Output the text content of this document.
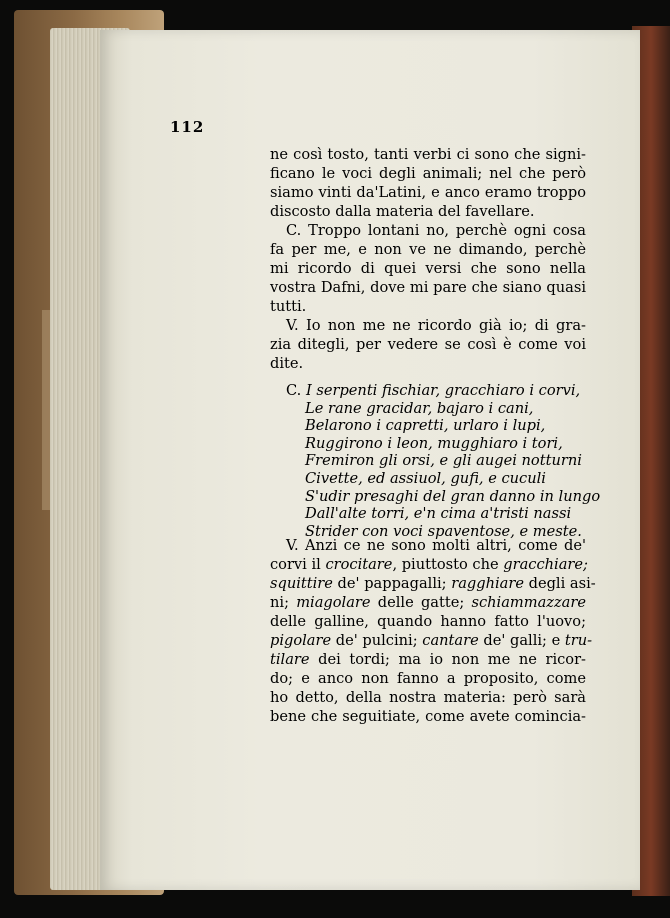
112
ne così tosto, tanti verbi ci sono che signi-
ficano le voci degli animali; nel che però
siamo vinti da'Latini, e anco eramo troppo
discosto dalla materia del favellare.
C. Troppo lontani no, perchè ogni cosa
fa per me, e non ve ne dimando, perchè
mi ricordo di quei versi che sono nella
vostra Dafni, dove mi pare che siano quasi
tutti.
V. Io non me ne ricordo già io; di gra-
zia ditegli, per vedere se così è come voi
dite.
C. I serpenti fischiar, gracchiaro i corvi,
Le rane gracidar, bajaro i cani,
Belarono i capretti, urlaro i lupi,
Ruggirono i leon, mugghiaro i tori,
Fremiron gli orsi, e gli augei notturni
Civette, ed assiuol, gufi, e cuculi
S'udir presaghi del gran danno in lungo
Dall'alte torri, e'n cima a'tristi nassi
Strider con voci spaventose, e meste.
V. Anzi ce ne sono molti altri, come de'
corvi il crocitare, piuttosto che gracchiare;
squittire de' pappagalli; ragghiare degli asi-
ni; miagolare delle gatte; schiammazzare
delle galline, quando hanno fatto l'uovo;
pigolare de' pulcini; cantare de' galli; e tru-
tilare dei tordi; ma io non me ne ricor-
do; e anco non fanno a proposito, come
ho detto, della nostra materia: però sarà
bene che seguitiate, come avete comincia-
